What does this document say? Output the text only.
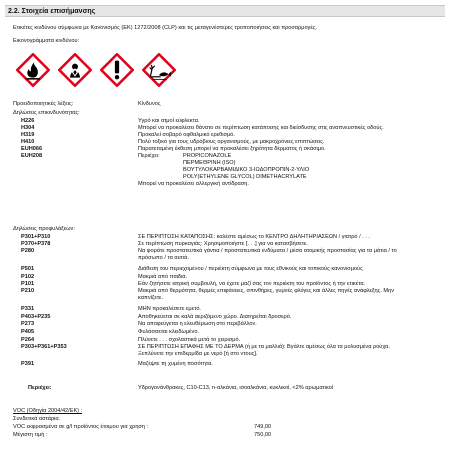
2.2. Στοιχεία επισήμανσης
Ετικέτες κινδύνου σύμφωνα με Κανονισμός (ΕΚ) 1272/2008 (CLP) και τις μεταγενέστερες τροποποιήσεις και προσαρμογές.
Εικονογράμματα κινδύνου:
Προειδοποιητικές λέξεις:	Κίνδυνος
Δηλώσεις επικινδυνότητας:
H226	Υγρό και ατμοί εύφλεκτα.
H304	Μπορεί να προκαλέσει θάνατο σε περίπτωση κατάποσης και διείσδυσης στις αναπνευστικές οδούς.
H319	Προκαλεί σοβαρό οφθαλμικό ερεθισμό.
H410	Πολύ τοξικό για τους υδρόβιους οργανισμούς, με μακροχρόνιες επιπτώσεις.
EUH066	Παρατεταμένη έκθεση μπορεί να προκαλέσει ξηρότητα δέρματος ή σκάσιμο.
EUH208	Περιέχει:	PROPICONAZOLE
ΠΕΡΜΕΘΡΙΝΗ (ISO)
ΒΟΥΤΥΛΟΚΑΡΒΑΜΙΔΙΚΟ 3-ΙΩΔΟΠΡΟΠΙΝ-2-ΥΛΙΟ
POLY(ETHYLENE GLYCOL) DIMETHACRYLATE
Μπορεί να προκαλέσει αλλεργική αντίδραση.
Δηλώσεις προφυλάξεων:
P301+P310	ΣΕ ΠΕΡΙΠΤΩΣΗ ΚΑΤΑΠΟΣΗΣ: καλέστε αμέσως το ΚΕΝΤΡΟ ΔΗΛΗΤΗΡΙΑΣΕΩΝ / γιατρό / . . .
P370+P378	Σε περίπτωση πυρκαγιάς: Χρησιμοποιήστε [. . .] για να κατασβήσετε.
P280	Να φοράτε προστατευτικά γάντια / προστατευτικά ενδύματα / μέσα ατομικής προστασίας για τα μάτια / το
πρόσωπο / τα αυτιά.
P501	Διάθεση του περιεχομένου / περιέκτη σύμφωνα με τους εθνικούς και τοπικούς κανονισμούς
P102	Μακριά από παιδιά.
P101	Εάν ζητήσετε ιατρική συμβουλή, να έχετε μαζί σας τον περιέκτη του προϊόντος ή την ετικέτα.
P210	Μακριά από θερμότητα, θερμές επιφάνειες, σπινθήρες, γυμνές φλόγες και άλλες πηγές ανάφλεξης. Μην
καπνίζετε.
P331	ΜΗΝ προκαλέσετε εμετό.
P403+P235	Αποθηκεύεται σε καλά αεριζόμενο χώρο. Διατηρείται δροσερό.
P273	Να αποφεύγεται η ελευθέρωση στο περιβάλλον.
P405	Φυλάσσεται κλειδωμένο.
P264	Πλύνετε . . . σχολαστικά μετά το χειρισμό.
P303+P361+P353	ΣΕ ΠΕΡΙΠΤΩΣΗ ΕΠΑΦΗΣ ΜΕ ΤΟ ΔΕΡΜΑ (ή με τα μαλλιά): Βγάλτε αμέσως όλα τα μολυσμένα ρούχα.
Ξεπλύνετε την επιδερμίδα με νερό [ή στο ντους].
P391	Μαζέψτε τη χυμένη ποσότητα.
Περιέχει:	Υδρογονάνθρακες, C10-C13, n-αλκάνια, ισοαλκάνια, κυκλικοί, <2% αρωματικοί
VOC (Οδηγία 2004/42/ΕΚ) :
Συνδετικά αστάρια.
VOC εκφρασμένα σε g/l προϊόντος έτοιμου για χρηση :	749,00
Μέγιστη τιμή :	750,00
